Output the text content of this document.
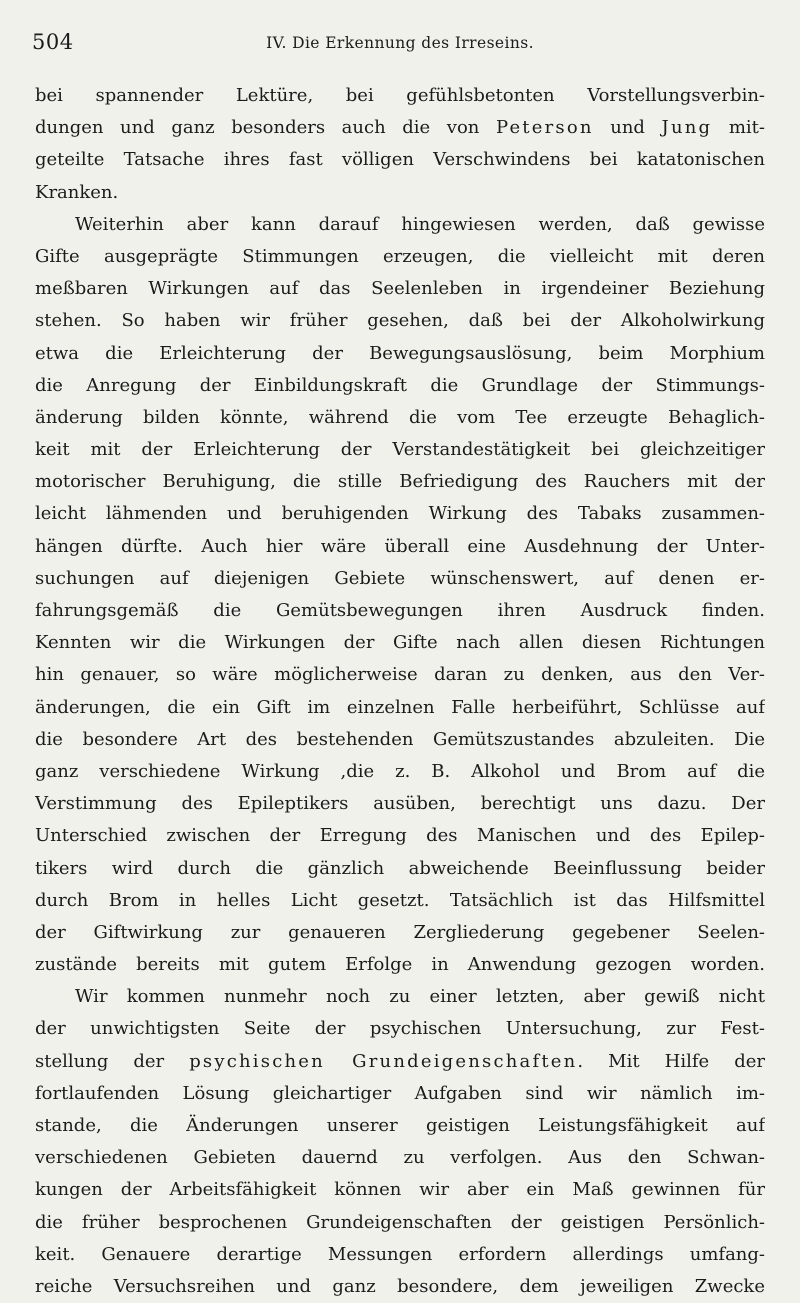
504	IV. Die Erkennung des Irreseins.
bei spannender Lektüre, bei gefühlsbetonten Vorstellungsverbin-
dungen und ganz besonders auch die von Peterson und Jung mit-
geteilte Tatsache ihres fast völligen Verschwindens bei katatonischen
Kranken.
Weiterhin aber kann darauf hingewiesen werden, daß gewisse
Gifte ausgeprägte Stimmungen erzeugen, die vielleicht mit deren
meßbaren Wirkungen auf das Seelenleben in irgendeiner Beziehung
stehen. So haben wir früher gesehen, daß bei der Alkoholwirkung
etwa die Erleichterung der Bewegungsauslösung, beim Morphium
die Anregung der Einbildungskraft die Grundlage der Stimmungs-
änderung bilden könnte, während die vom Tee erzeugte Behaglich-
keit mit der Erleichterung der Verstandestätigkeit bei gleichzeitiger
motorischer Beruhigung, die stille Befriedigung des Rauchers mit der
leicht lähmenden und beruhigenden Wirkung des Tabaks zusammen-
hängen dürfte. Auch hier wäre überall eine Ausdehnung der Unter-
suchungen auf diejenigen Gebiete wünschenswert, auf denen er-
fahrungsgemäß die Gemütsbewegungen ihren Ausdruck finden.
Kennten wir die Wirkungen der Gifte nach allen diesen Richtungen
hin genauer, so wäre möglicherweise daran zu denken, aus den Ver-
änderungen, die ein Gift im einzelnen Falle herbeiführt, Schlüsse auf
die besondere Art des bestehenden Gemütszustandes abzuleiten. Die
ganz verschiedene Wirkung ,die z. B. Alkohol und Brom auf die
Verstimmung des Epileptikers ausüben, berechtigt uns dazu. Der
Unterschied zwischen der Erregung des Manischen und des Epilep-
tikers wird durch die gänzlich abweichende Beeinflussung beider
durch Brom in helles Licht gesetzt. Tatsächlich ist das Hilfsmittel
der Giftwirkung zur genaueren Zergliederung gegebener Seelen-
zustände bereits mit gutem Erfolge in Anwendung gezogen worden.
Wir kommen nunmehr noch zu einer letzten, aber gewiß nicht
der unwichtigsten Seite der psychischen Untersuchung, zur Fest-
stellung der psychischen Grundeigenschaften. Mit Hilfe der
fortlaufenden Lösung gleichartiger Aufgaben sind wir nämlich im-
stande, die Änderungen unserer geistigen Leistungsfähigkeit auf
verschiedenen Gebieten dauernd zu verfolgen. Aus den Schwan-
kungen der Arbeitsfähigkeit können wir aber ein Maß gewinnen für
die früher besprochenen Grundeigenschaften der geistigen Persönlich-
keit. Genauere derartige Messungen erfordern allerdings umfang-
reiche Versuchsreihen und ganz besondere, dem jeweiligen Zwecke
